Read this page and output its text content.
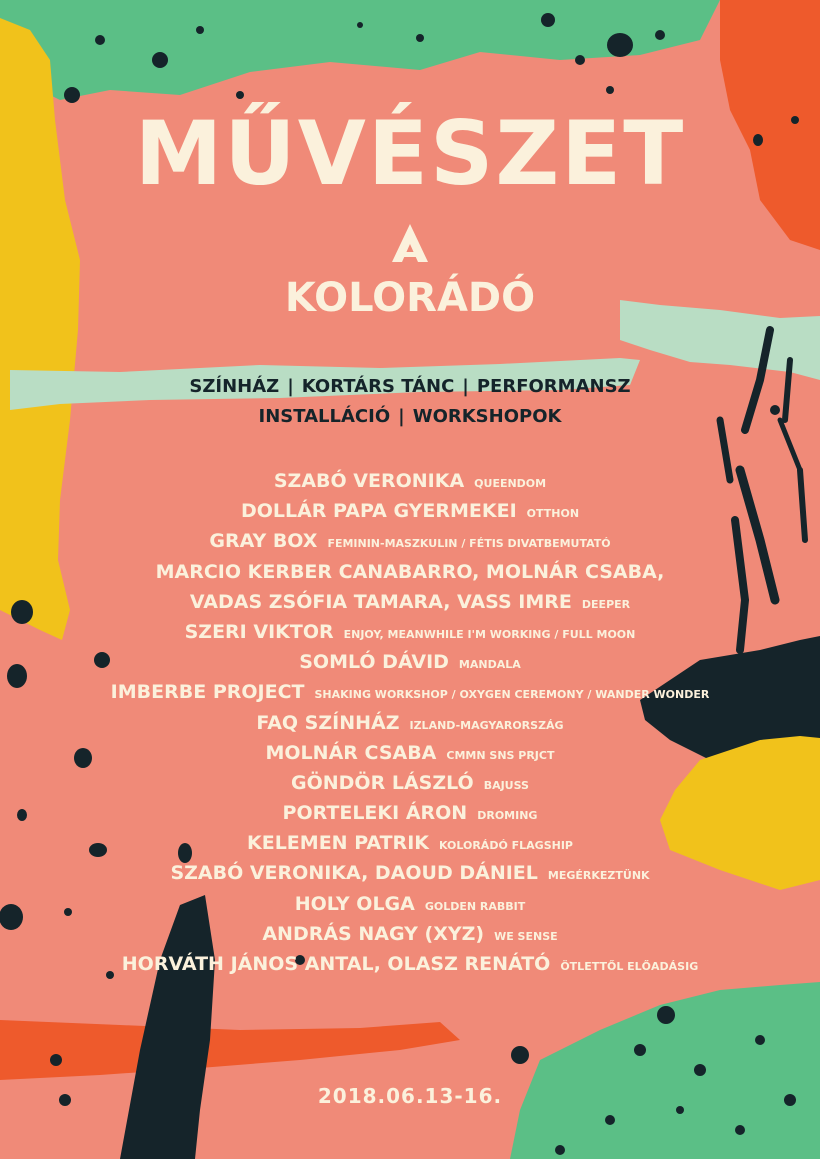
MŰVÉSZET
KOLORÁDÓ
SZÍNHÁZ | KORTÁRS TÁNC | PERFORMANSZ
INSTALLÁCIÓ | WORKSHOPOK
SZABÓ VERONIKA QUEENDOM
DOLLÁR PAPA GYERMEKEI OTTHON
GRAY BOX FEMININ-MASZKULIN / FÉTIS DIVATBEMUTATÓ
MARCIO KERBER CANABARRO, MOLNÁR CSABA,
VADAS ZSÓFIA TAMARA, VASS IMRE DEEPER
SZERI VIKTOR ENJOY, MEANWHILE I'M WORKING / FULL MOON
SOMLÓ DÁVID MANDALA
IMBERBE PROJECT SHAKING WORKSHOP / OXYGEN CEREMONY / WANDER WONDER
FAQ SZÍNHÁZ IZLAND-MAGYARORSZÁG
MOLNÁR CSABA CMMN SNS PRJCT
GÖNDÖR LÁSZLÓ BAJUSS
PORTELEKI ÁRON DROMING
KELEMEN PATRIK KOLORÁDÓ FLAGSHIP
SZABÓ VERONIKA, DAOUD DÁNIEL MEGÉRKEZTÜNK
HOLY OLGA GOLDEN RABBIT
ANDRÁS NAGY (XYZ) WE SENSE
HORVÁTH JÁNOS ANTAL, OLASZ RENÁTÓ ÖTLETTŐL ELŐADÁSIG
2018.06.13-16.
